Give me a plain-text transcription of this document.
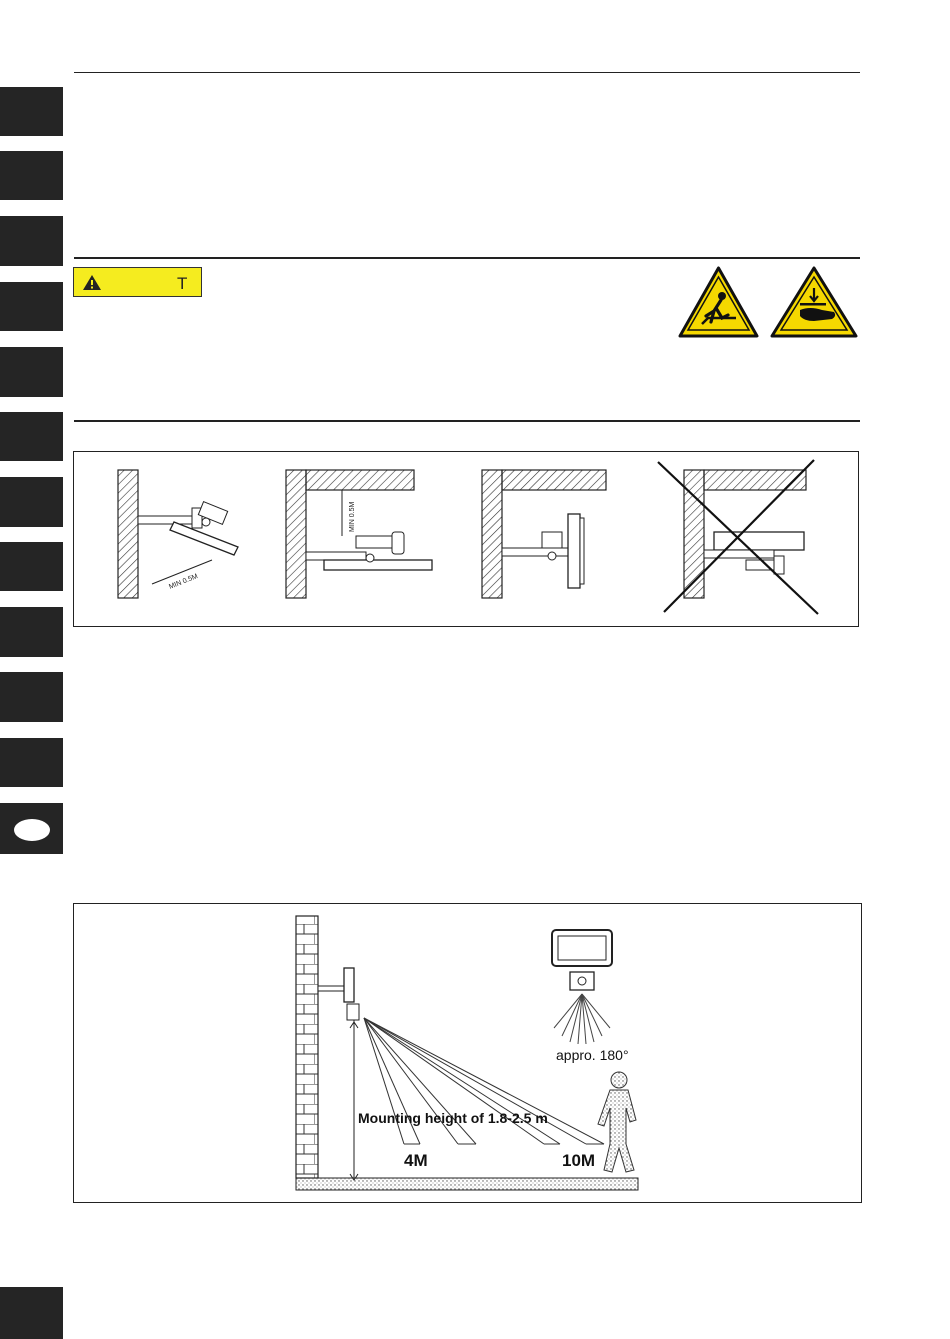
T
MIN 0.5M
MIN 0.5M
appro. 180°
Mounting height of 1.8-2.5 m
4M	10M
